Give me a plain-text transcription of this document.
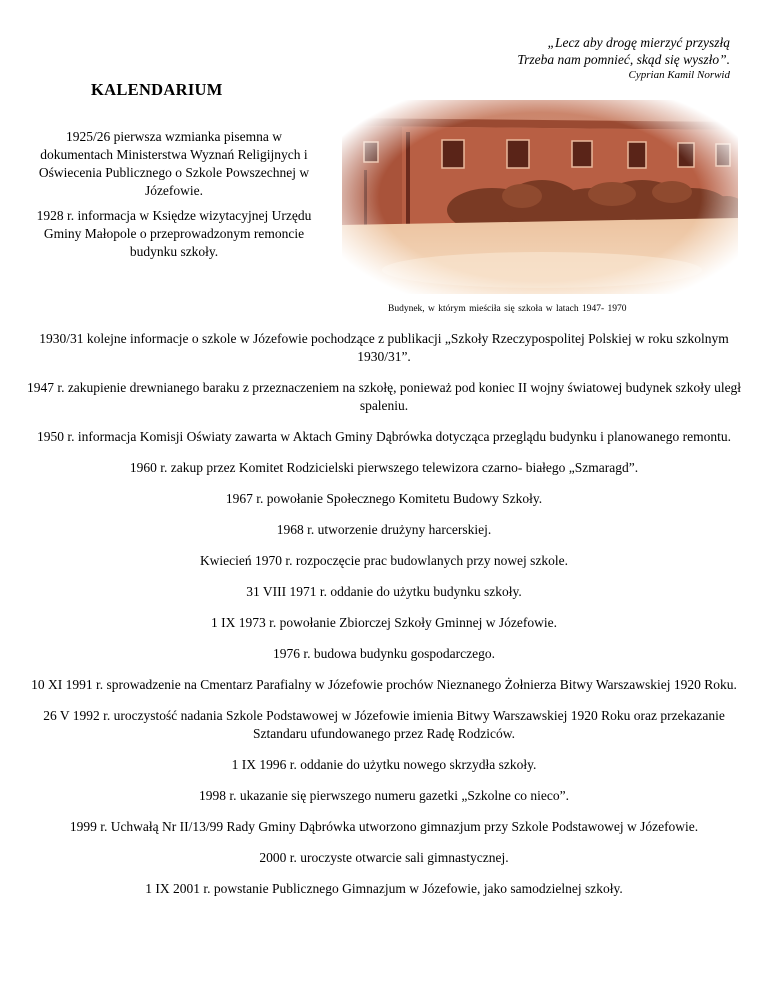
„Lecz aby drogę mierzyć przyszłą
Trzeba nam pomnieć, skąd się wyszło”.
Cyprian Kamil Norwid
KALENDARIUM

1925/26 pierwsza wzmianka pisemna w dokumentach Ministerstwa Wyznań Religijnych i Oświecenia Publicznego o Szkole Powszechnej w Józefowie.

1928 r. informacja w Księdze wizytacyjnej Urzędu Gminy Małopole o przeprowadzonym remoncie budynku szkoły.

Budynek, w którym mieściła się szkoła w latach 1947- 1970

1930/31 kolejne informacje o szkole w Józefowie pochodzące z publikacji „Szkoły Rzeczypospolitej Polskiej w roku szkolnym 1930/31”.

1947 r. zakupienie drewnianego baraku z przeznaczeniem na szkołę, ponieważ pod koniec II wojny światowej budynek szkoły uległ spaleniu.

1950 r. informacja Komisji Oświaty zawarta w Aktach Gminy Dąbrówka dotycząca przeglądu budynku i planowanego remontu.

1960 r. zakup przez Komitet Rodzicielski pierwszego telewizora czarno- białego „Szmaragd”.

1967 r. powołanie Społecznego Komitetu Budowy Szkoły.

1968 r. utworzenie drużyny harcerskiej.

Kwiecień 1970 r. rozpoczęcie prac budowlanych przy nowej szkole.

31 VIII 1971 r. oddanie do użytku budynku szkoły.

1 IX 1973 r. powołanie Zbiorczej Szkoły Gminnej w Józefowie.

1976 r. budowa budynku gospodarczego.

10 XI 1991 r. sprowadzenie na Cmentarz Parafialny w Józefowie prochów Nieznanego Żołnierza Bitwy Warszawskiej 1920 Roku.

26 V 1992 r. uroczystość nadania Szkole Podstawowej w Józefowie imienia Bitwy Warszawskiej 1920 Roku oraz przekazanie Sztandaru ufundowanego przez Radę Rodziców.

1 IX 1996 r. oddanie do użytku nowego skrzydła szkoły.

1998 r. ukazanie się pierwszego numeru gazetki „Szkolne co nieco”.

1999 r. Uchwałą Nr II/13/99 Rady Gminy Dąbrówka utworzono gimnazjum przy Szkole Podstawowej w Józefowie.

2000 r. uroczyste otwarcie sali gimnastycznej.

1 IX 2001 r. powstanie Publicznego Gimnazjum w Józefowie, jako samodzielnej szkoły.
